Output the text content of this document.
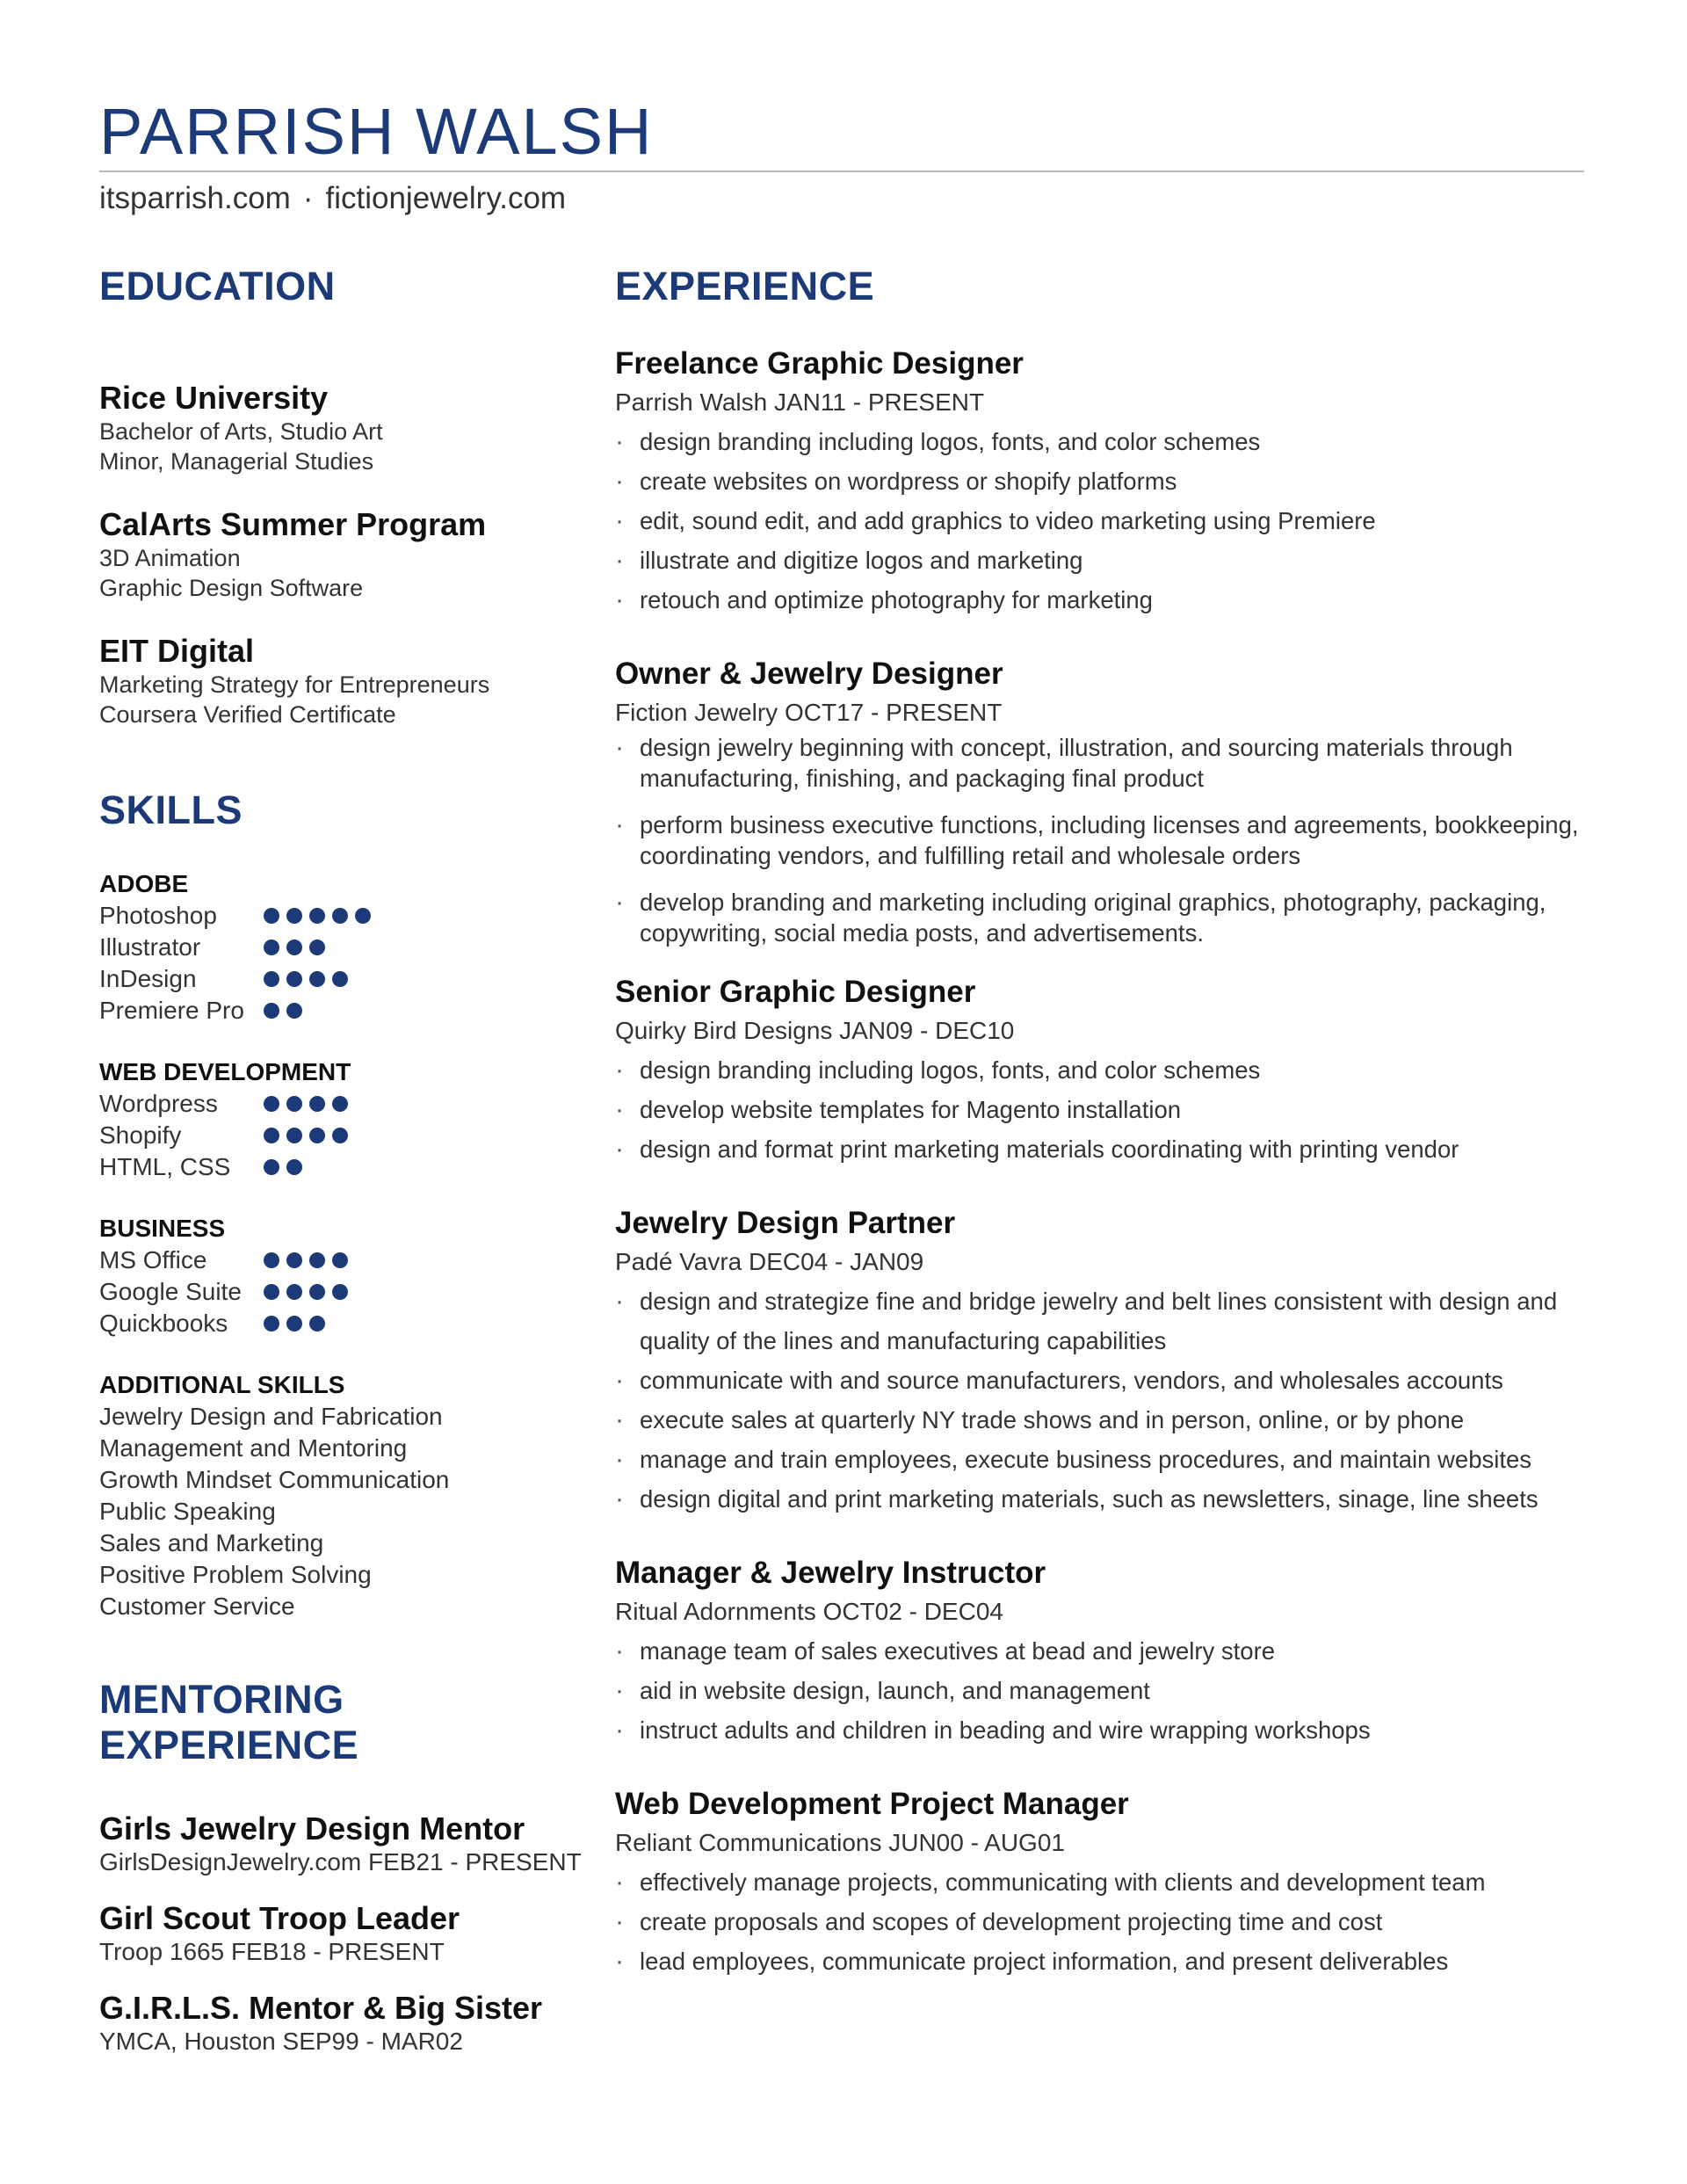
PARRISH WALSH
itsparrish.com · fictionjewelry.com
EDUCATION
Rice University
Bachelor of Arts, Studio Art
Minor, Managerial Studies
CalArts Summer Program
3D Animation
Graphic Design Software
EIT Digital
Marketing Strategy for Entrepreneurs
Coursera Verified Certificate
SKILLS
ADOBE
Photoshop
Illustrator
InDesign
Premiere Pro
WEB DEVELOPMENT
Wordpress
Shopify
HTML, CSS
BUSINESS
MS Office
Google Suite
Quickbooks
ADDITIONAL SKILLS
Jewelry Design and Fabrication
Management and Mentoring
Growth Mindset Communication
Public Speaking
Sales and Marketing
Positive Problem Solving
Customer Service
MENTORING EXPERIENCE
Girls Jewelry Design Mentor
GirlsDesignJewelry.com FEB21 - PRESENT
Girl Scout Troop Leader
Troop 1665 FEB18 - PRESENT
G.I.R.L.S. Mentor & Big Sister
YMCA, Houston SEP99 - MAR02
EXPERIENCE
Freelance Graphic Designer
Parrish Walsh JAN11 - PRESENT
· design branding including logos, fonts, and color schemes
· create websites on wordpress or shopify platforms
· edit, sound edit, and add graphics to video marketing using Premiere
· illustrate and digitize logos and marketing
· retouch and optimize photography for marketing
Owner & Jewelry Designer
Fiction Jewelry OCT17 - PRESENT
· design jewelry beginning with concept, illustration, and sourcing materials through manufacturing, finishing, and packaging final product
· perform business executive functions, including licenses and agreements, bookkeeping, coordinating vendors, and fulfilling retail and wholesale orders
· develop branding and marketing including original graphics, photography, packaging, copywriting, social media posts, and advertisements.
Senior Graphic Designer
Quirky Bird Designs JAN09 - DEC10
· design branding including logos, fonts, and color schemes
· develop website templates for Magento installation
· design and format print marketing materials coordinating with printing vendor
Jewelry Design Partner
Padé Vavra DEC04 - JAN09
· design and strategize fine and bridge jewelry and belt lines consistent with design and quality of the lines and manufacturing capabilities
· communicate with and source manufacturers, vendors, and wholesales accounts
· execute sales at quarterly NY trade shows and in person, online, or by phone
· manage and train employees, execute business procedures, and maintain websites
· design digital and print marketing materials, such as newsletters, sinage, line sheets
Manager & Jewelry Instructor
Ritual Adornments OCT02 - DEC04
· manage team of sales executives at bead and jewelry store
· aid in website design, launch, and management
· instruct adults and children in beading and wire wrapping workshops
Web Development Project Manager
Reliant Communications JUN00 - AUG01
· effectively manage projects, communicating with clients and development team
· create proposals and scopes of development projecting time and cost
· lead employees, communicate project information, and present deliverables
